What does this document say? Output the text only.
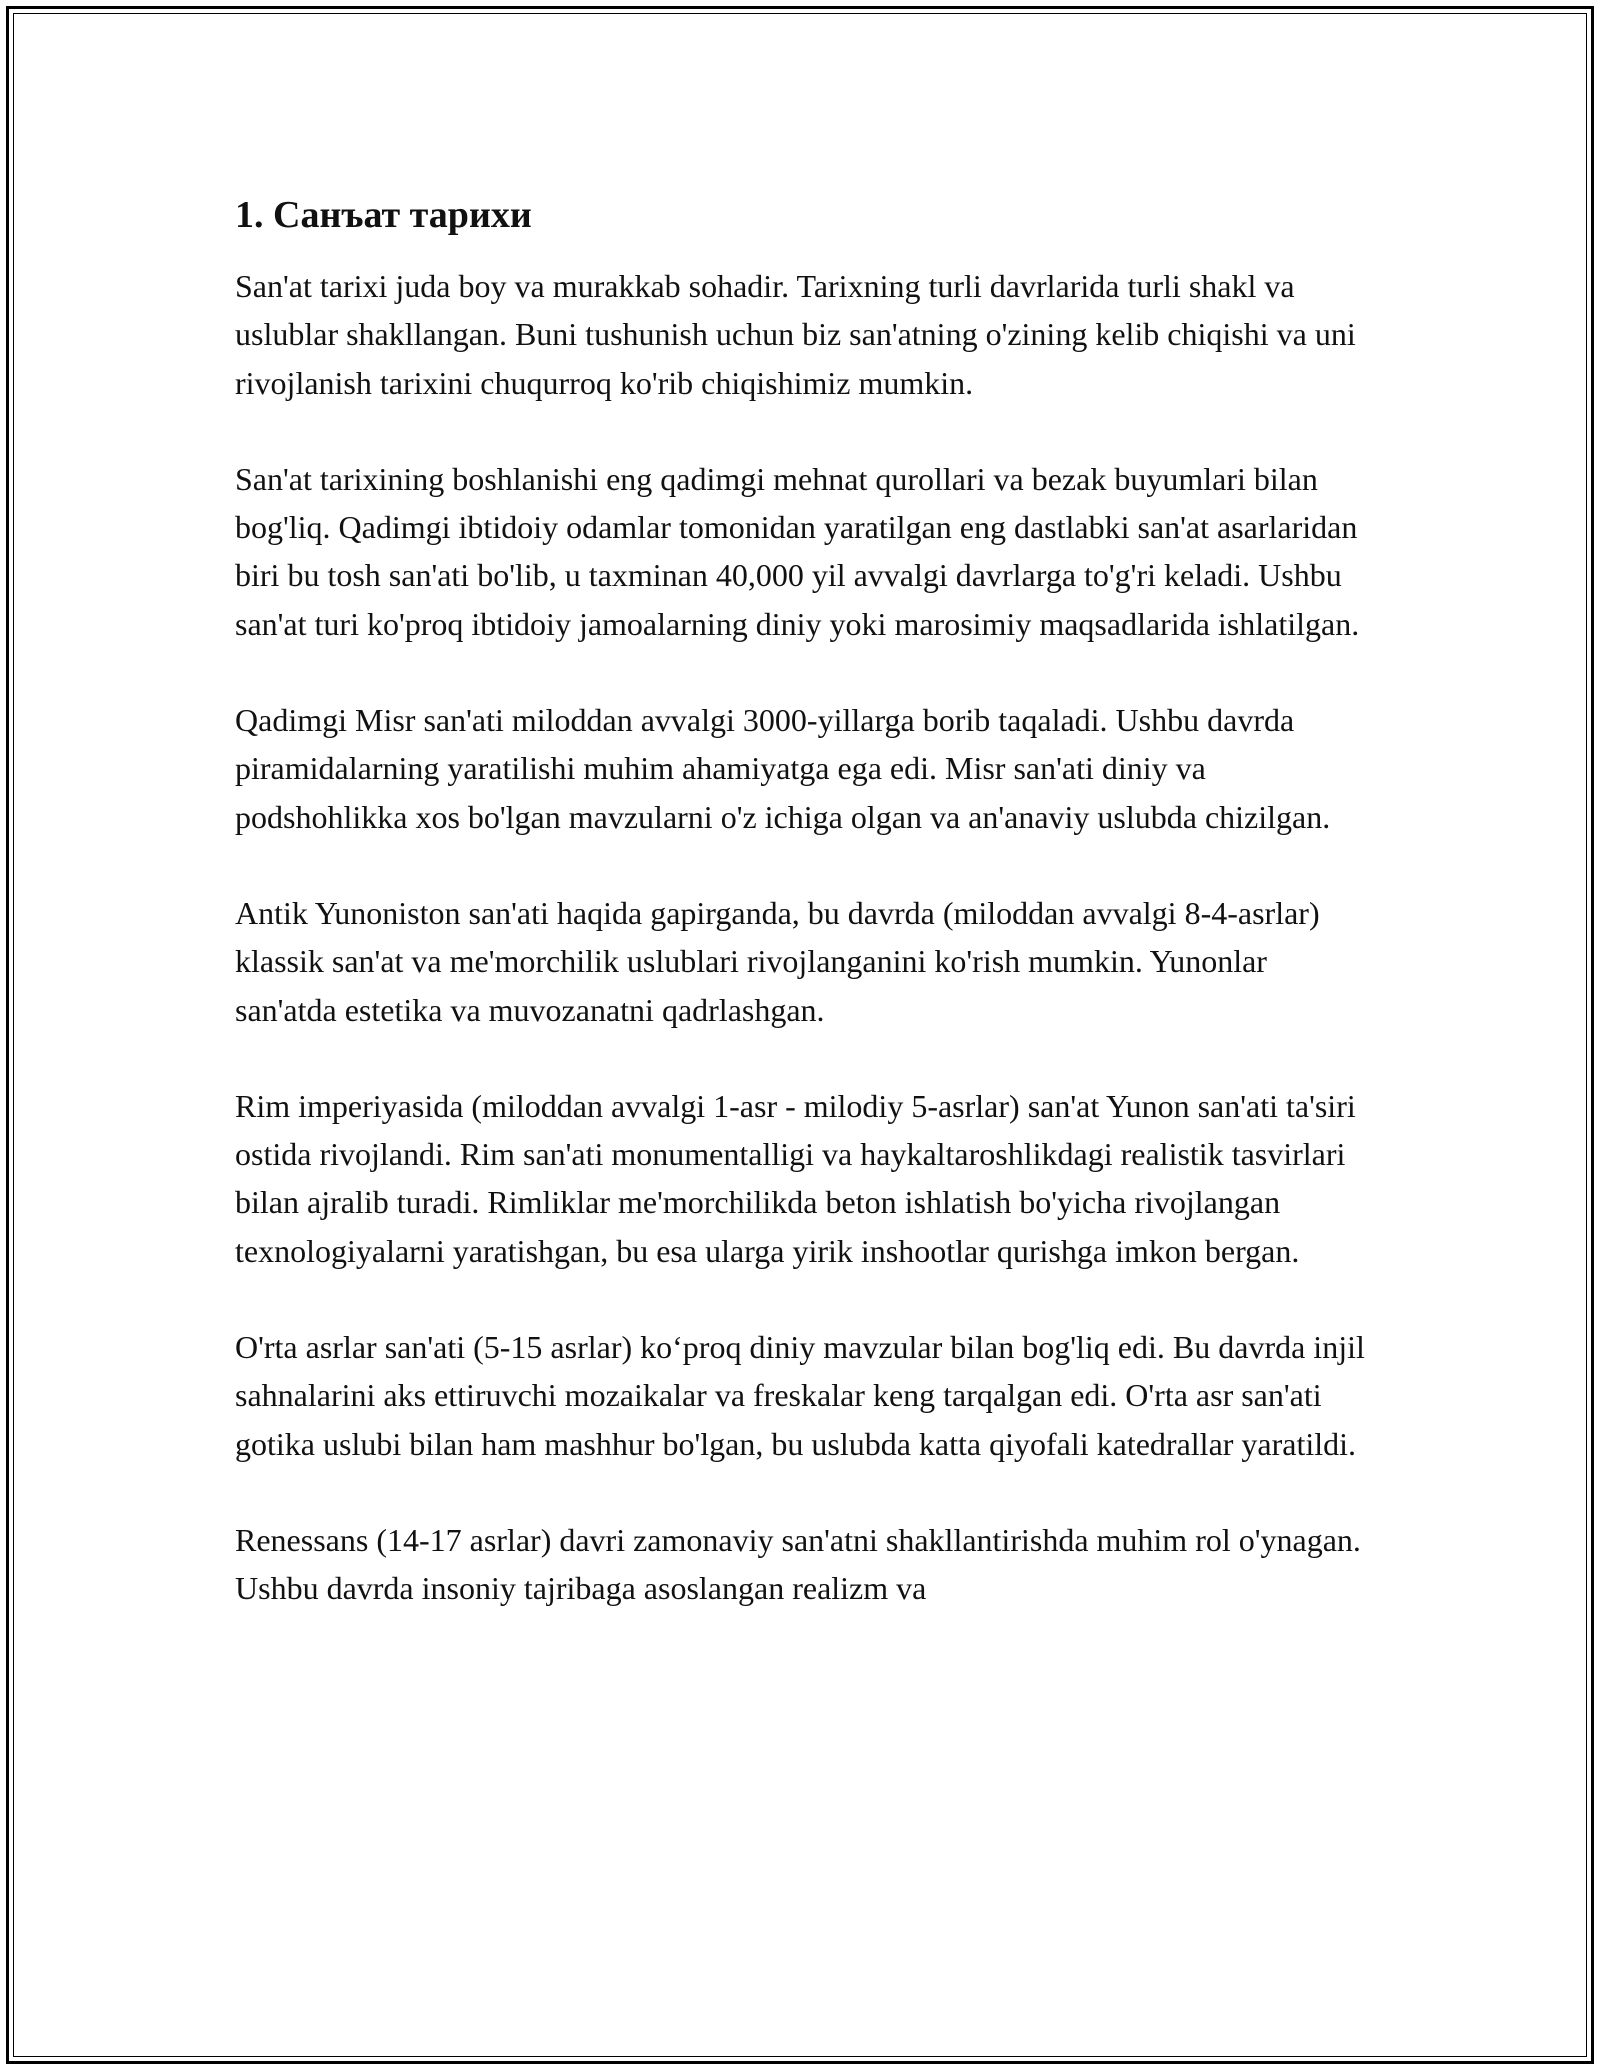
1. Санъат тарихи

San'at tarixi juda boy va murakkab sohadir. Tarixning turli davrlarida turli shakl va uslublar shakllangan. Buni tushunish uchun biz san'atning o'zining kelib chiqishi va uni rivojlanish tarixini chuqurroq ko'rib chiqishimiz mumkin.

San'at tarixining boshlanishi eng qadimgi mehnat qurollari va bezak buyumlari bilan bog'liq. Qadimgi ibtidoiy odamlar tomonidan yaratilgan eng dastlabki san'at asarlaridan biri bu tosh san'ati bo'lib, u taxminan 40,000 yil avvalgi davrlarga to'g'ri keladi. Ushbu san'at turi ko'proq ibtidoiy jamoalarning diniy yoki marosimiy maqsadlarida ishlatilgan.

Qadimgi Misr san'ati miloddan avvalgi 3000-yillarga borib taqaladi. Ushbu davrda piramidalarning yaratilishi muhim ahamiyatga ega edi. Misr san'ati diniy va podshohlikka xos bo'lgan mavzularni o'z ichiga olgan va an'anaviy uslubda chizilgan.

Antik Yunoniston san'ati haqida gapirganda, bu davrda (miloddan avvalgi 8-4-asrlar) klassik san'at va me'morchilik uslublari rivojlanganini ko'rish mumkin. Yunonlar san'atda estetika va muvozanatni qadrlashgan.

Rim imperiyasida (miloddan avvalgi 1-asr - milodiy 5-asrlar) san'at Yunon san'ati ta'siri ostida rivojlandi. Rim san'ati monumentalligi va haykaltaroshlikdagi realistik tasvirlari bilan ajralib turadi. Rimliklar me'morchilikda beton ishlatish bo'yicha rivojlangan texnologiyalarni yaratishgan, bu esa ularga yirik inshootlar qurishga imkon bergan.

O'rta asrlar san'ati (5-15 asrlar) ko‘proq diniy mavzular bilan bog'liq edi. Bu davrda injil sahnalarini aks ettiruvchi mozaikalar va freskalar keng tarqalgan edi. O'rta asr san'ati gotika uslubi bilan ham mashhur bo'lgan, bu uslubda katta qiyofali katedrallar yaratildi.

Renessans (14-17 asrlar) davri zamonaviy san'atni shakllantirishda muhim rol o'ynagan. Ushbu davrda insoniy tajribaga asoslangan realizm va
